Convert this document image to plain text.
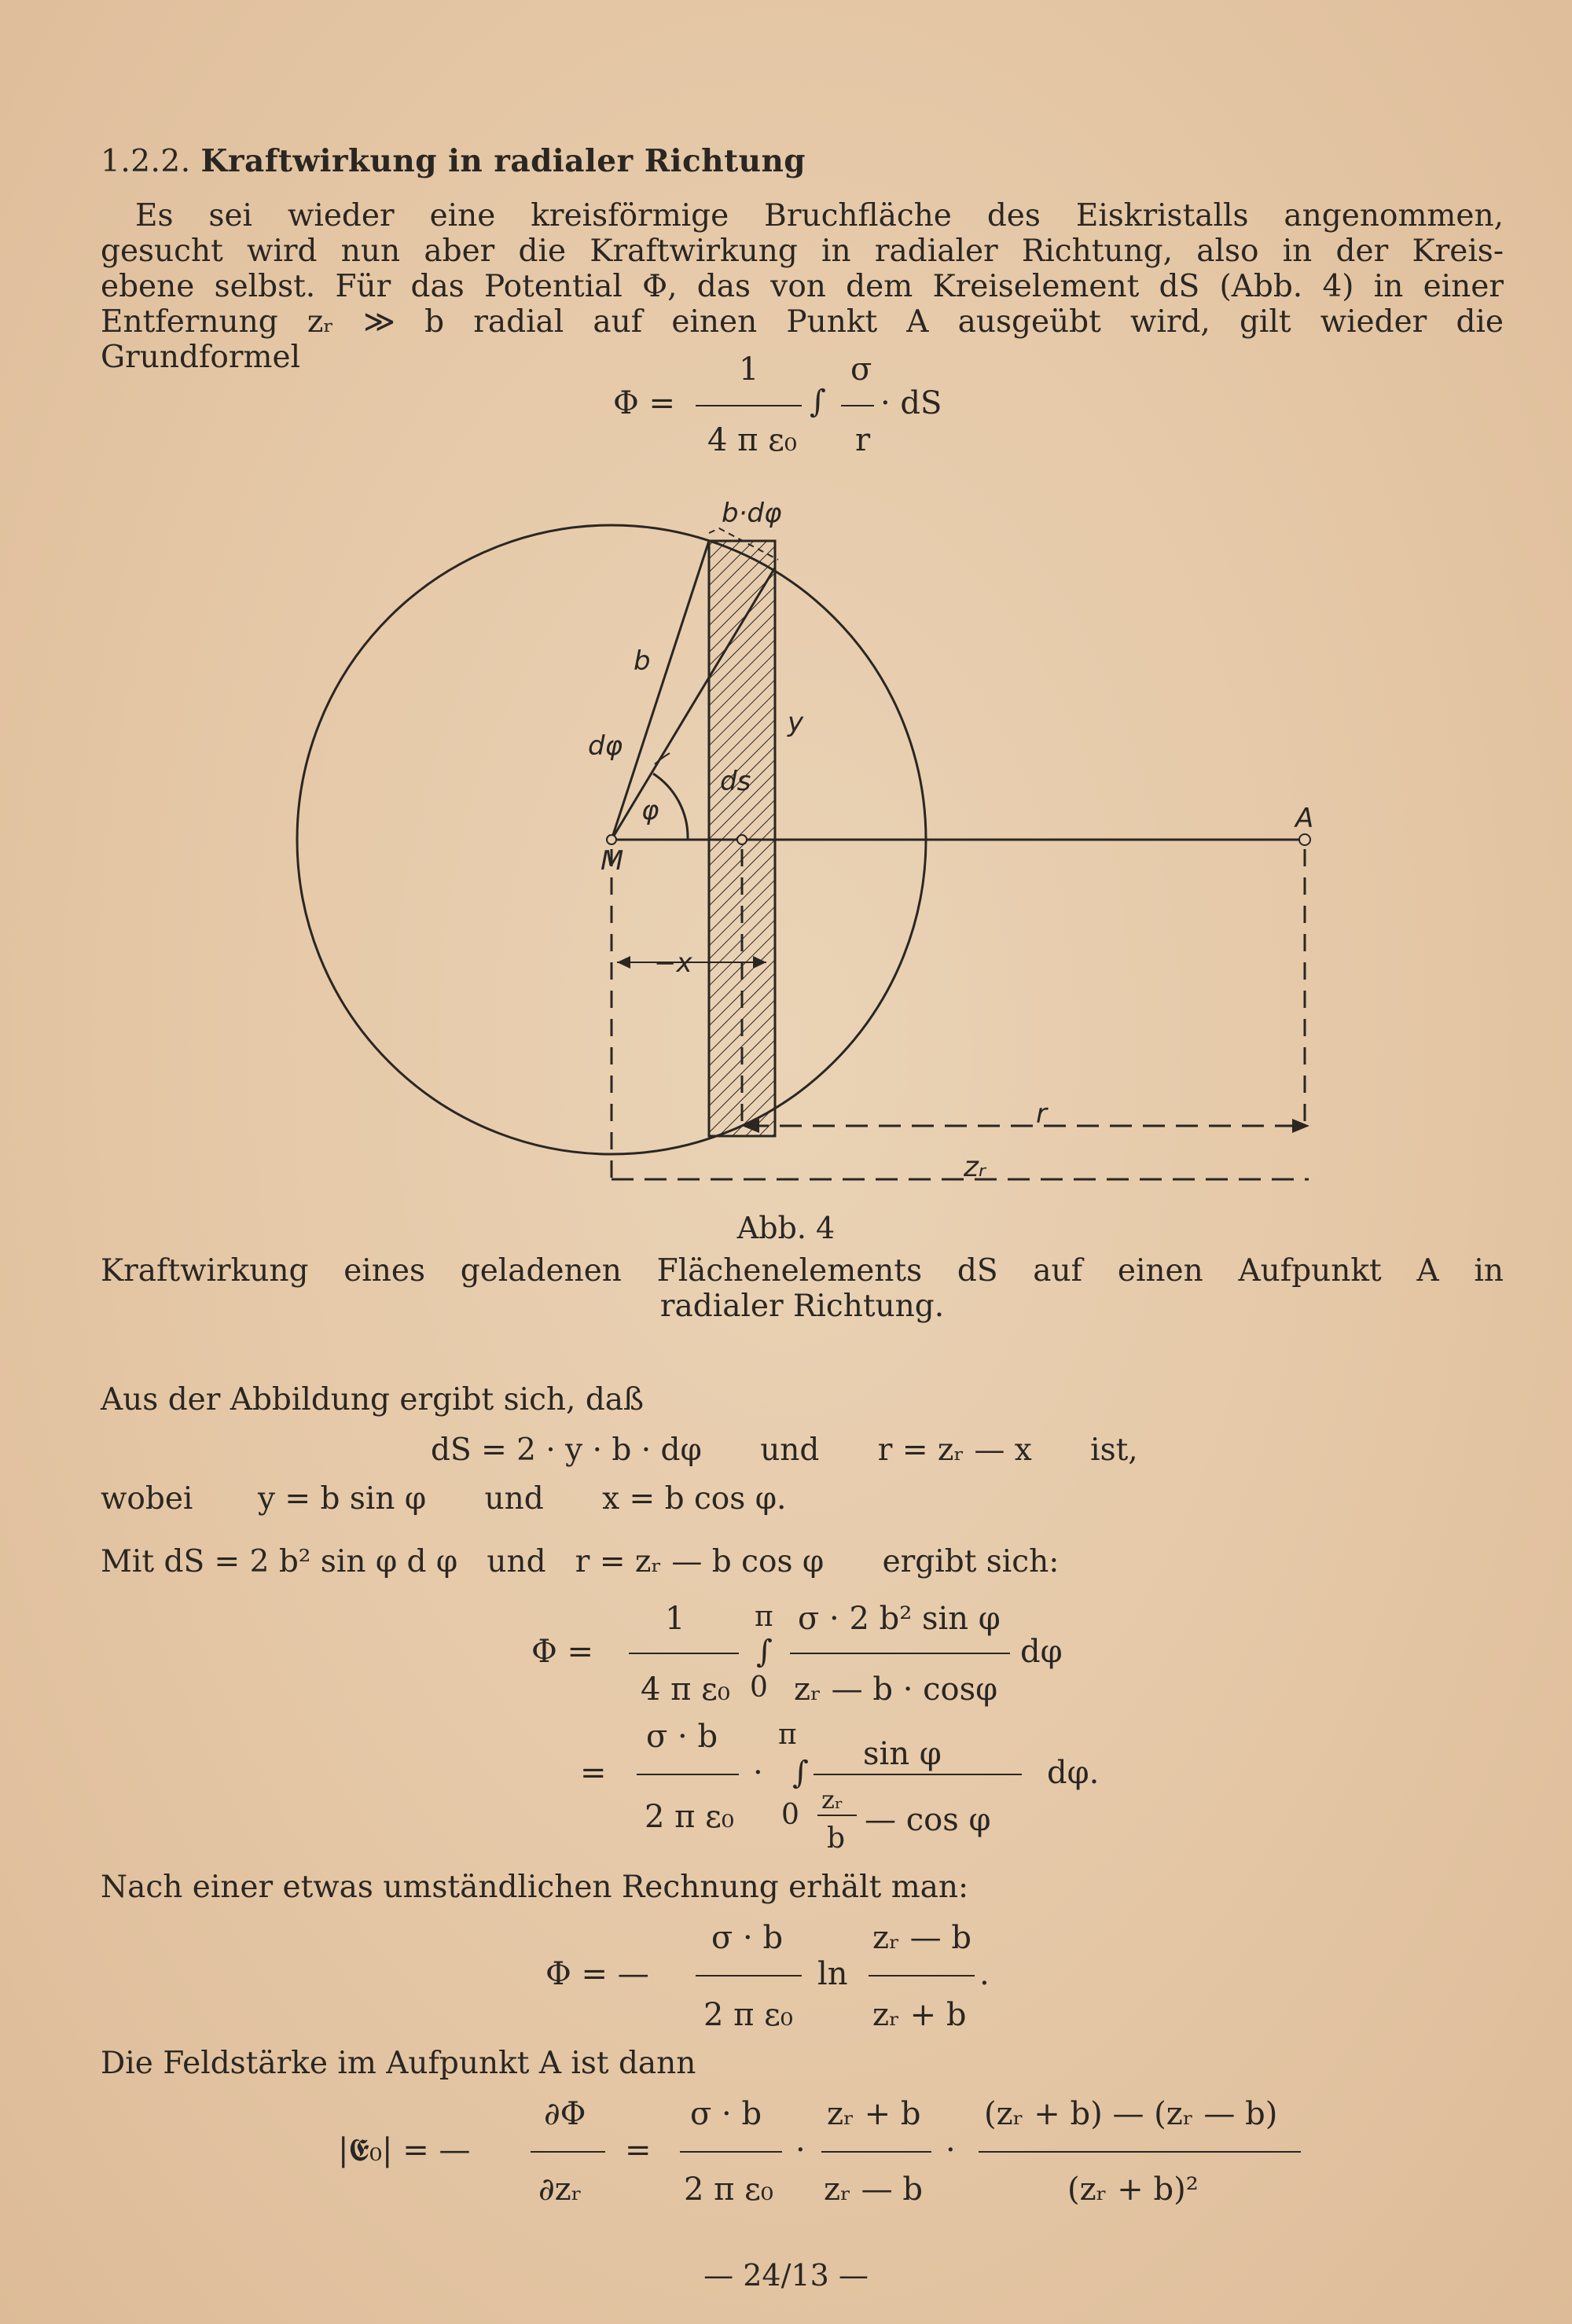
1.2.2. Kraftwirkung in radialer Richtung
Es sei wieder eine kreisförmige Bruchfläche des Eiskristalls angenommen,
gesucht wird nun aber die Kraftwirkung in radialer Richtung, also in der Kreis-
ebene selbst. Für das Potential Φ, das von dem Kreiselement dS (Abb. 4) in einer
Entfernung zᵣ ≫ b radial auf einen Punkt A ausgeübt wird, gilt wieder die
Grundformel
Φ =
1
4 π ε₀
∫
σ
r
· dS
b·dφ
b
y
dφ
ds
φ
M
A
−x
r
zᵣ
Abb. 4
Kraftwirkung eines geladenen Flächenelements dS auf einen Aufpunkt A in
radialer Richtung.
Aus der Abbildung ergibt sich, daß
dS = 2 · y · b · dφ      und      r = zᵣ — x      ist,
wobei y = b sin φ      und      x = b cos φ.
Mit dS = 2 b² sin φ d φ   und   r = zᵣ — b cos φ      ergibt sich:
Φ =
1
4 π ε₀
π
∫
0
σ · 2 b² sin φ
zᵣ — b · cosφ
dφ
=
σ · b
2 π ε₀
·
π
∫
0
sin φ
zᵣ
b
— cos φ
dφ.
Nach einer etwas umständlichen Rechnung erhält man:
Φ = —
σ · b
2 π ε₀
ln
zᵣ — b
zᵣ + b
.
Die Feldstärke im Aufpunkt A ist dann
|𝕰₀| = —
∂Φ
∂zᵣ
=
σ · b
2 π ε₀
·
zᵣ + b
zᵣ — b
·
(zᵣ + b) — (zᵣ — b)
(zᵣ + b)²
— 24/13 —
